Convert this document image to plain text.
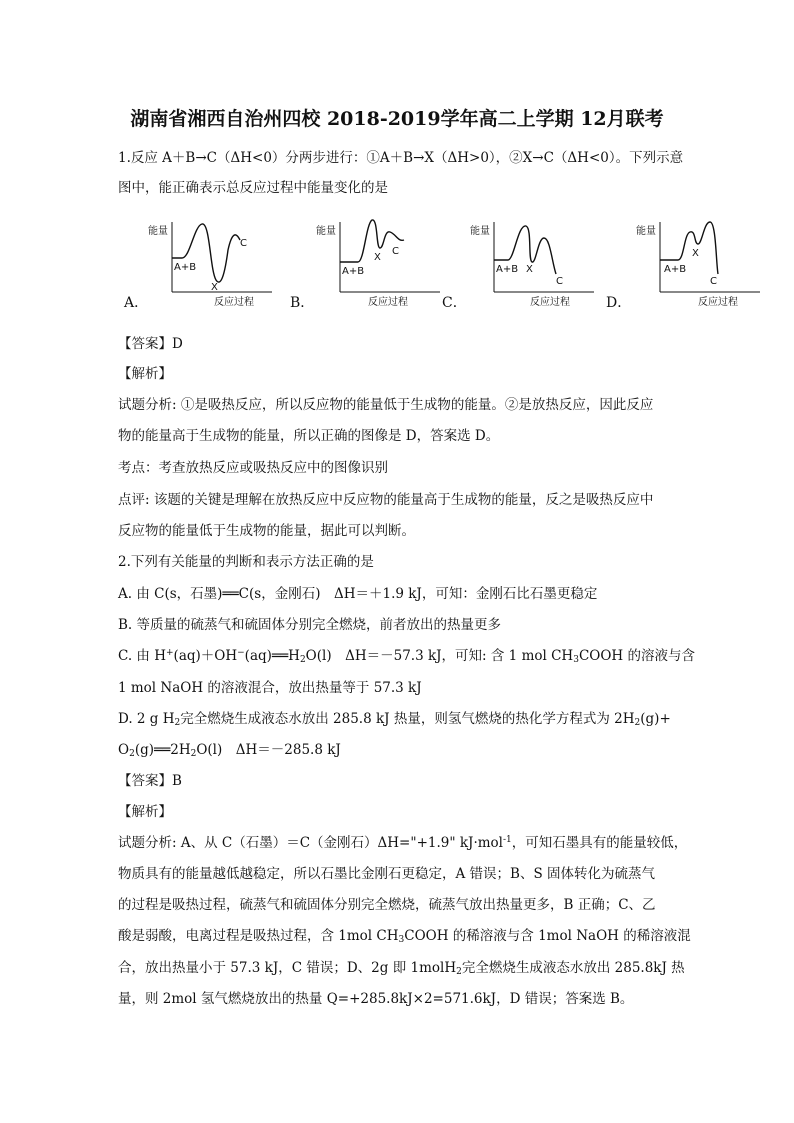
湖南省湘西自治州四校 2018-2019学年高二上学期 12月联考
1.反应 A＋B→C（ΔH<0）分两步进行：①A＋B→X（ΔH>0），②X→C（ΔH<0）。下列示意
图中，能正确表示总反应过程中能量变化的是
A．
能量
A+B
X
C
反应过程	B．
能量
A+B
X
C
反应过程 C．
能量
A+B X
C
反应过程	D．
能量
A+B
X
C
反应过程
【答案】D
【解析】
试题分析: ①是吸热反应，所以反应物的能量低于生成物的能量。②是放热反应，因此反应
物的能量高于生成物的能量，所以正确的图像是 D，答案选 D。
考点：考查放热反应或吸热反应中的图像识别
点评: 该题的关键是理解在放热反应中反应物的能量高于生成物的能量，反之是吸热反应中
反应物的能量低于生成物的能量，据此可以判断。
2.下列有关能量的判断和表示方法正确的是
A. 由 C(s，石墨)══C(s，金刚石)　ΔH＝＋1.9 kJ，可知：金刚石比石墨更稳定
B. 等质量的硫蒸气和硫固体分别完全燃烧，前者放出的热量更多
C. 由 $H^+(aq)+OH^-(aq)══H_2O(l)$　ΔH＝－57.3 kJ，可知: 含 1 mol $CH_3COOH$ 的溶液与含
1 mol NaOH 的溶液混合，放出热量等于 57.3 kJ
D. 2 g $H_2$完全燃烧生成液态水放出 285.8 kJ 热量，则氢气燃烧的热化学方程式为 $2H_2(g)+$
$O_2(g)══2H_2O(l)$　ΔH＝－285.8 kJ
【答案】B
【解析】
试题分析: A、从 C（石墨）＝C（金刚石）ΔH="+1.9" kJ·mol$^{-1}$，可知石墨具有的能量较低，
物质具有的能量越低越稳定，所以石墨比金刚石更稳定，A 错误；B、S 固体转化为硫蒸气
的过程是吸热过程，硫蒸气和硫固体分别完全燃烧，硫蒸气放出热量更多，B 正确；C、乙
酸是弱酸，电离过程是吸热过程，含 1mol $CH_3COOH$ 的稀溶液与含 1mol NaOH 的稀溶液混
合，放出热量小于 57.3 kJ，C 错误；D、2g 即 1molH$_2$完全燃烧生成液态水放出 285.8kJ 热
量，则 2mol 氢气燃烧放出的热量 Q=+285.8kJ×2=571.6kJ，D 错误；答案选 B。
